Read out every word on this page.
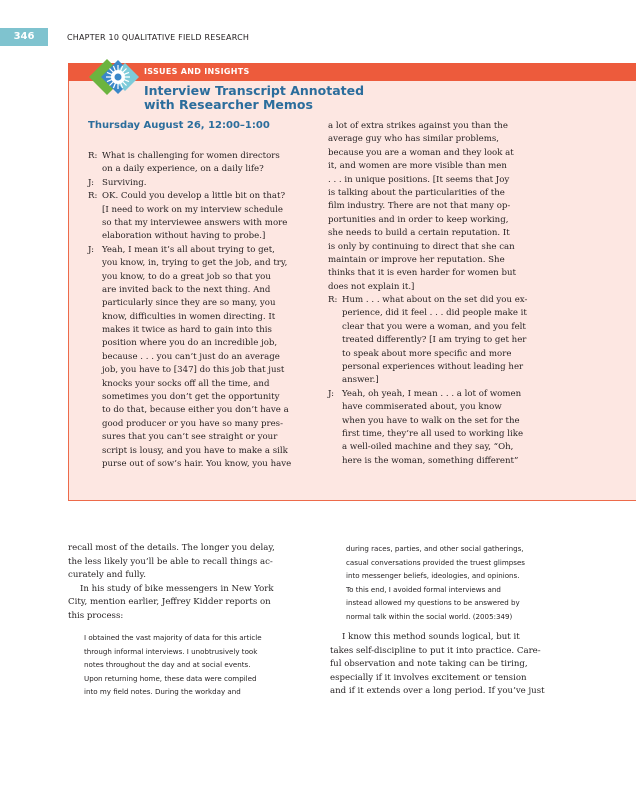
346	CHAPTER 10 QUALITATIVE FIELD RESEARCH
ISSUES AND INSIGHTS
Interview Transcript Annotated
with Researcher Memos
Thursday August 26, 12:00–1:00
R: What is challenging for women directors
on a daily experience, on a daily life?
J: Surviving.
R: OK. Could you develop a little bit on that?
[I need to work on my interview schedule
so that my interviewee answers with more
elaboration without having to probe.]
J: Yeah, I mean it’s all about trying to get,
you know, in, trying to get the job, and try,
you know, to do a great job so that you
are invited back to the next thing. And
particularly since they are so many, you
know, difficulties in women directing. It
makes it twice as hard to gain into this
position where you do an incredible job,
because . . . you can’t just do an average
job, you have to [347] do this job that just
knocks your socks off all the time, and
sometimes you don’t get the opportunity
to do that, because either you don’t have a
good producer or you have so many pres-
sures that you can’t see straight or your
script is lousy, and you have to make a silk
purse out of sow’s hair. You know, you have
a lot of extra strikes against you than the
average guy who has similar problems,
because you are a woman and they look at
it, and women are more visible than men
. . . in unique positions. [It seems that Joy
is talking about the particularities of the
film industry. There are not that many op-
portunities and in order to keep working,
she needs to build a certain reputation. It
is only by continuing to direct that she can
maintain or improve her reputation. She
thinks that it is even harder for women but
does not explain it.]
R: Hum . . . what about on the set did you ex-
perience, did it feel . . . did people make it
clear that you were a woman, and you felt
treated differently? [I am trying to get her
to speak about more specific and more
personal experiences without leading her
answer.]
J: Yeah, oh yeah, I mean . . . a lot of women
have commiserated about, you know
when you have to walk on the set for the
first time, they’re all used to working like
a well-oiled machine and they say, “Oh,
here is the woman, something different”
recall most of the details. The longer you delay,
the less likely you’ll be able to recall things ac-
curately and fully.
In his study of bike messengers in New York
City, mention earlier, Jeffrey Kidder reports on
this process:
I obtained the vast majority of data for this article
through informal interviews. I unobtrusively took
notes throughout the day and at social events.
Upon returning home, these data were compiled
into my field notes. During the workday and
during races, parties, and other social gatherings,
casual conversations provided the truest glimpses
into messenger beliefs, ideologies, and opinions.
To this end, I avoided formal interviews and
instead allowed my questions to be answered by
normal talk within the social world. (2005:349)
I know this method sounds logical, but it
takes self-discipline to put it into practice. Care-
ful observation and note taking can be tiring,
especially if it involves excitement or tension
and if it extends over a long period. If you’ve just
